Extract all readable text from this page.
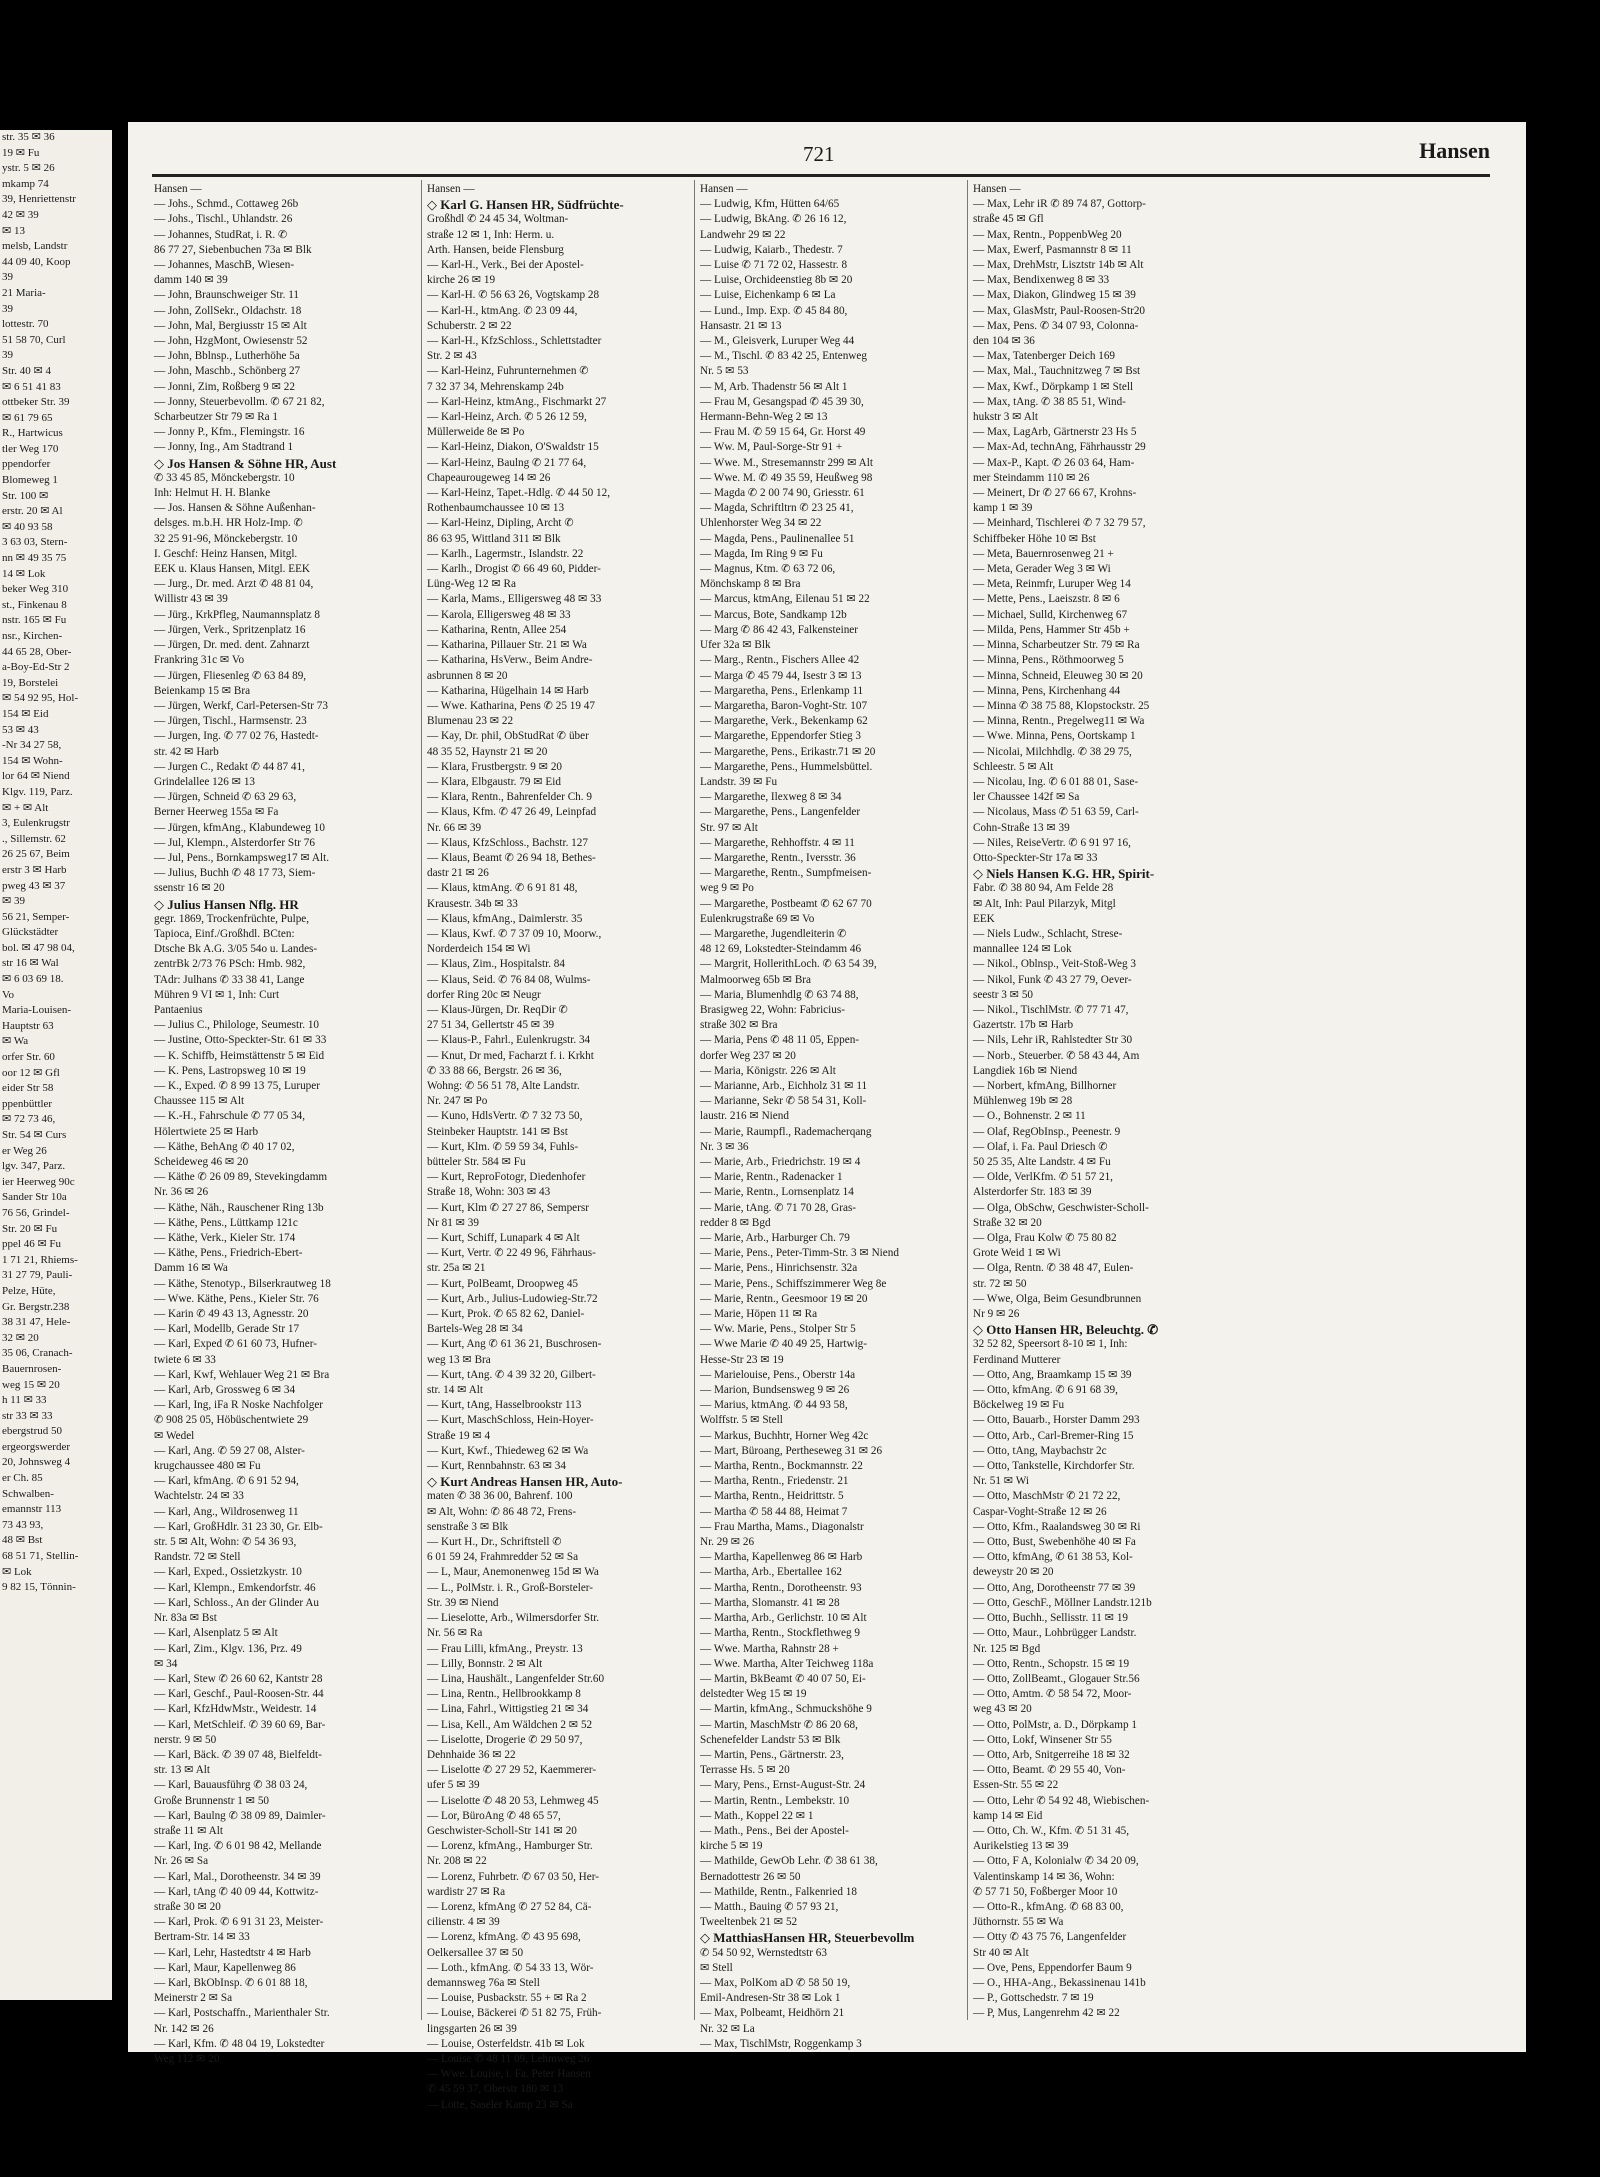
str. 35 ✉ 36
19 ✉ Fu
ystr. 5 ✉ 26
mkamp 74
39, Henriettenstr
42 ✉ 39
✉ 13
melsb, Landstr
44 09 40, Koop
39
21 Maria-
39
lottestr. 70
51 58 70, Curl
39
Str. 40 ✉ 4
✉ 6 51 41 83
ottbeker Str. 39
✉ 61 79 65
R., Hartwicus
tler Weg 170
ppendorfer
Blomeweg 1
Str. 100 ✉
erstr. 20 ✉ Al
✉ 40 93 58
3 63 03, Stern-
nn ✉ 49 35 75
14 ✉ Lok
beker Weg 310
st., Finkenau 8
nstr. 165 ✉ Fu
nsr., Kirchen-
44 65 28, Ober-
a-Boy-Ed-Str 2
19, Borstelei
✉ 54 92 95, Hol-
154 ✉ Eid
53 ✉ 43
-Nr 34 27 58,
154 ✉ Wohn-
lor 64 ✉ Niend
Klgv. 119, Parz.
✉ + ✉ Alt
3, Eulenkrugstr
., Sillemstr. 62
26 25 67, Beim
erstr 3 ✉ Harb
pweg 43 ✉ 37
✉ 39
56 21, Semper-
Glückstädter
bol. ✉ 47 98 04,
str 16 ✉ Wal
✉ 6 03 69 18.
Vo
Maria-Louisen-
Hauptstr 63
✉ Wa
orfer Str. 60
oor 12 ✉ Gfl
eider Str 58
ppenbüttler
✉ 72 73 46,
Str. 54 ✉ Curs
er Weg 26
lgv. 347, Parz.
ier Heerweg 90c
Sander Str 10a
76 56, Grindel-
Str. 20 ✉ Fu
ppel 46 ✉ Fu
1 71 21, Rhiems-
31 27 79, Pauli-
Pelze, Hüte,
Gr. Bergstr.238
38 31 47, Hele-
32 ✉ 20
35 06, Cranach-
Bauernrosen-
weg 15 ✉ 20
h 11 ✉ 33
str 33 ✉ 33
ebergstrud 50
ergeorgswerder
20, Johnsweg 4
er Ch. 85
Schwalben-
emannstr 113
73 43 93,
48 ✉ Bst
68 51 71, Stellin-
✉ Lok
9 82 15, Tönnin-
721	Hansen
Hansen —
— Johs., Schmd., Cottaweg 26b
— Johs., Tischl., Uhlandstr. 26
— Johannes, StudRat, i. R. ✆
86 77 27, Siebenbuchen 73a ✉ Blk
— Johannes, MaschB, Wiesen-
damm 140 ✉ 39
— John, Braunschweiger Str. 11
— John, ZollSekr., Oldachstr. 18
— John, Mal, Bergiusstr 15 ✉ Alt
— John, HzgMont, Owiesenstr 52
— John, Bblnsp., Lutherhöhe 5a
— John, Maschb., Schönberg 27
— Jonni, Zim, Roßberg 9 ✉ 22
— Jonny, Steuerbevollm. ✆ 67 21 82,
Scharbeutzer Str 79 ✉ Ra 1
— Jonny P., Kfm., Flemingstr. 16
— Jonny, Ing., Am Stadtrand 1
◇ Jos Hansen & Söhne HR, Aust
✆ 33 45 85, Mönckebergstr. 10
Inh: Helmut H. H. Blanke
— Jos. Hansen & Söhne Außenhan-
delsges. m.b.H. HR Holz-Imp. ✆
32 25 91-96, Mönckebergstr. 10
I. Geschf: Heinz Hansen, Mitgl.
EEK u. Klaus Hansen, Mitgl. EEK
— Jurg., Dr. med. Arzt ✆ 48 81 04,
Willistr 43 ✉ 39
— Jürg., KrkPfleg, Naumannsplatz 8
— Jürgen, Verk., Spritzenplatz 16
— Jürgen, Dr. med. dent. Zahnarzt
Frankring 31c ✉ Vo
— Jürgen, Fliesenleg ✆ 63 84 89,
Beienkamp 15 ✉ Bra
— Jürgen, Werkf, Carl-Petersen-Str 73
— Jürgen, Tischl., Harmsenstr. 23
— Jurgen, Ing. ✆ 77 02 76, Hastedt-
str. 42 ✉ Harb
— Jurgen C., Redakt ✆ 44 87 41,
Grindelallee 126 ✉ 13
— Jürgen, Schneid ✆ 63 29 63,
Berner Heerweg 155a ✉ Fa
— Jürgen, kfmAng., Klabundeweg 10
— Jul, Klempn., Alsterdorfer Str 76
— Jul, Pens., Bornkampsweg17 ✉ Alt.
— Julius, Buchh ✆ 48 17 73, Siem-
ssenstr 16 ✉ 20
◇ Julius Hansen Nflg. HR
gegr. 1869, Trockenfrüchte, Pulpe,
Tapioca, Einf./Großhdl. BCten:
Dtsche Bk A.G. 3/05 54o u. Landes-
zentrBk 2/73 76 PSch: Hmb. 982,
TAdr: Julhans ✆ 33 38 41, Lange
Mühren 9 VI ✉ 1, Inh: Curt
Pantaenius
— Julius C., Philologe, Seumestr. 10
— Justine, Otto-Speckter-Str. 61 ✉ 33
— K. Schiffb, Heimstättenstr 5 ✉ Eid
— K. Pens, Lastropsweg 10 ✉ 19
— K., Exped. ✆ 8 99 13 75, Luruper
Chaussee 115 ✉ Alt
— K.-H., Fahrschule ✆ 77 05 34,
Hölertwiete 25 ✉ Harb
— Käthe, BehAng ✆ 40 17 02,
Scheideweg 46 ✉ 20
— Käthe ✆ 26 09 89, Stevekingdamm
Nr. 36 ✉ 26
— Käthe, Näh., Rauschener Ring 13b
— Käthe, Pens., Lüttkamp 121c
— Käthe, Verk., Kieler Str. 174
— Käthe, Pens., Friedrich-Ebert-
Damm 16 ✉ Wa
— Käthe, Stenotyp., Bilserkrautweg 18
— Wwe. Käthe, Pens., Kieler Str. 76
— Karin ✆ 49 43 13, Agnesstr. 20
— Karl, Modellb, Gerade Str 17
— Karl, Exped ✆ 61 60 73, Hufner-
twiete 6 ✉ 33
— Karl, Kwf, Wehlauer Weg 21 ✉ Bra
— Karl, Arb, Grossweg 6 ✉ 34
— Karl, Ing, iFa R Noske Nachfolger
✆ 908 25 05, Höbüschentwiete 29
✉ Wedel
— Karl, Ang. ✆ 59 27 08, Alster-
krugchaussee 480 ✉ Fu
— Karl, kfmAng. ✆ 6 91 52 94,
Wachtelstr. 24 ✉ 33
— Karl, Ang., Wildrosenweg 11
— Karl, GroßHdlr. 31 23 30, Gr. Elb-
str. 5 ✉ Alt, Wohn: ✆ 54 36 93,
Randstr. 72 ✉ Stell
— Karl, Exped., Ossietzkystr. 10
— Karl, Klempn., Emkendorfstr. 46
— Karl, Schloss., An der Glinder Au
Nr. 83a ✉ Bst
— Karl, Alsenplatz 5 ✉ Alt
— Karl, Zim., Klgv. 136, Prz. 49
✉ 34
— Karl, Stew ✆ 26 60 62, Kantstr 28
— Karl, Geschf., Paul-Roosen-Str. 44
— Karl, KfzHdwMstr., Weidestr. 14
— Karl, MetSchleif. ✆ 39 60 69, Bar-
nerstr. 9 ✉ 50
— Karl, Bäck. ✆ 39 07 48, Bielfeldt-
str. 13 ✉ Alt
— Karl, Bauausführg ✆ 38 03 24,
Große Brunnenstr 1 ✉ 50
— Karl, Baulng ✆ 38 09 89, Daimler-
straße 11 ✉ Alt
— Karl, Ing. ✆ 6 01 98 42, Mellande
Nr. 26 ✉ Sa
— Karl, Mal., Dorotheenstr. 34 ✉ 39
— Karl, tAng ✆ 40 09 44, Kottwitz-
straße 30 ✉ 20
— Karl, Prok. ✆ 6 91 31 23, Meister-
Bertram-Str. 14 ✉ 33
— Karl, Lehr, Hastedtstr 4 ✉ Harb
— Karl, Maur, Kapellenweg 86
— Karl, BkObInsp. ✆ 6 01 88 18,
Meinerstr 2 ✉ Sa
— Karl, Postschaffn., Marienthaler Str.
Nr. 142 ✉ 26
— Karl, Kfm. ✆ 48 04 19, Lokstedter
Weg 112 ✉ 20
Hansen —
◇ Karl G. Hansen HR, Südfrüchte-
Großhdl ✆ 24 45 34, Woltman-
straße 12 ✉ 1, Inh: Herm. u.
Arth. Hansen, beide Flensburg
— Karl-H., Verk., Bei der Apostel-
kirche 26 ✉ 19
— Karl-H. ✆ 56 63 26, Vogtskamp 28
— Karl-H., ktmAng. ✆ 23 09 44,
Schuberstr. 2 ✉ 22
— Karl-H., KfzSchloss., Schlettstadter
Str. 2 ✉ 43
— Karl-Heinz, Fuhrunternehmen ✆
7 32 37 34, Mehrenskamp 24b
— Karl-Heinz, ktmAng., Fischmarkt 27
— Karl-Heinz, Arch. ✆ 5 26 12 59,
Müllerweide 8e ✉ Po
— Karl-Heinz, Diakon, O'Swaldstr 15
— Karl-Heinz, Baulng ✆ 21 77 64,
Chapeaurougeweg 14 ✉ 26
— Karl-Heinz, Tapet.-Hdlg. ✆ 44 50 12,
Rothenbaumchaussee 10 ✉ 13
— Karl-Heinz, Dipling, Archt ✆
86 63 95, Wittland 311 ✉ Blk
— Karlh., Lagermstr., Islandstr. 22
— Karlh., Drogist ✆ 66 49 60, Pidder-
Lüng-Weg 12 ✉ Ra
— Karla, Mams., Elligersweg 48 ✉ 33
— Karola, Elligersweg 48 ✉ 33
— Katharina, Rentn, Allee 254
— Katharina, Pillauer Str. 21 ✉ Wa
— Katharina, HsVerw., Beim Andre-
asbrunnen 8 ✉ 20
— Katharina, Hügelhain 14 ✉ Harb
— Wwe. Katharina, Pens ✆ 25 19 47
Blumenau 23 ✉ 22
— Kay, Dr. phil, ObStudRat ✆ über
48 35 52, Haynstr 21 ✉ 20
— Klara, Frustbergstr. 9 ✉ 20
— Klara, Elbgaustr. 79 ✉ Eid
— Klara, Rentn., Bahrenfelder Ch. 9
— Klaus, Kfm. ✆ 47 26 49, Leinpfad
Nr. 66 ✉ 39
— Klaus, KfzSchloss., Bachstr. 127
— Klaus, Beamt ✆ 26 94 18, Bethes-
dastr 21 ✉ 26
— Klaus, ktmAng. ✆ 6 91 81 48,
Krausestr. 34b ✉ 33
— Klaus, kfmAng., Daimlerstr. 35
— Klaus, Kwf. ✆ 7 37 09 10, Moorw.,
Norderdeich 154 ✉ Wi
— Klaus, Zim., Hospitalstr. 84
— Klaus, Seid. ✆ 76 84 08, Wulms-
dorfer Ring 20c ✉ Neugr
— Klaus-Jürgen, Dr. ReqDir ✆
27 51 34, Gellertstr 45 ✉ 39
— Klaus-P., Fahrl., Eulenkrugstr. 34
— Knut, Dr med, Facharzt f. i. Krkht
✆ 33 88 66, Bergstr. 26 ✉ 36,
Wohng: ✆ 56 51 78, Alte Landstr.
Nr. 247 ✉ Po
— Kuno, HdlsVertr. ✆ 7 32 73 50,
Steinbeker Hauptstr. 141 ✉ Bst
— Kurt, Klm. ✆ 59 59 34, Fuhls-
bütteler Str. 584 ✉ Fu
— Kurt, ReproFotogr, Diedenhofer
Straße 18, Wohn: 303 ✉ 43
— Kurt, Klm ✆ 27 27 86, Sempersr
Nr 81 ✉ 39
— Kurt, Schiff, Lunapark 4 ✉ Alt
— Kurt, Vertr. ✆ 22 49 96, Fährhaus-
str. 25a ✉ 21
— Kurt, PolBeamt, Droopweg 45
— Kurt, Arb., Julius-Ludowieg-Str.72
— Kurt, Prok. ✆ 65 82 62, Daniel-
Bartels-Weg 28 ✉ 34
— Kurt, Ang ✆ 61 36 21, Buschrosen-
weg 13 ✉ Bra
— Kurt, tAng. ✆ 4 39 32 20, Gilbert-
str. 14 ✉ Alt
— Kurt, tAng, Hasselbrookstr 113
— Kurt, MaschSchloss, Hein-Hoyer-
Straße 19 ✉ 4
— Kurt, Kwf., Thiedeweg 62 ✉ Wa
— Kurt, Rennbahnstr. 63 ✉ 34
◇ Kurt Andreas Hansen HR, Auto-
maten ✆ 38 36 00, Bahrenf. 100
✉ Alt, Wohn: ✆ 86 48 72, Frens-
senstraße 3 ✉ Blk
— Kurt H., Dr., Schriftstell ✆
6 01 59 24, Frahmredder 52 ✉ Sa
— L, Maur, Anemonenweg 15d ✉ Wa
— L., PolMstr. i. R., Groß-Borsteler-
Str. 39 ✉ Niend
— Lieselotte, Arb., Wilmersdorfer Str.
Nr. 56 ✉ Ra
— Frau Lilli, kfmAng., Preystr. 13
— Lilly, Bonnstr. 2 ✉ Alt
— Lina, Haushält., Langenfelder Str.60
— Lina, Rentn., Hellbrookkamp 8
— Lina, Fahrl., Wittigstieg 21 ✉ 34
— Lisa, Kell., Am Wäldchen 2 ✉ 52
— Liselotte, Drogerie ✆ 29 50 97,
Dehnhaide 36 ✉ 22
— Liselotte ✆ 27 29 52, Kaemmerer-
ufer 5 ✉ 39
— Liselotte ✆ 48 20 53, Lehmweg 45
— Lor, BüroAng ✆ 48 65 57,
Geschwister-Scholl-Str 141 ✉ 20
— Lorenz, kfmAng., Hamburger Str.
Nr. 208 ✉ 22
— Lorenz, Fuhrbetr. ✆ 67 03 50, Her-
wardistr 27 ✉ Ra
— Lorenz, kfmAng ✆ 27 52 84, Cä-
cilienstr. 4 ✉ 39
— Lorenz, kfmAng. ✆ 43 95 698,
Oelkersallee 37 ✉ 50
— Loth., kfmAng. ✆ 54 33 13, Wör-
demannsweg 76a ✉ Stell
— Louise, Pusbackstr. 55 + ✉ Ra 2
— Louise, Bäckerei ✆ 51 82 75, Früh-
lingsgarten 26 ✉ 39
— Louise, Osterfeldstr. 41b ✉ Lok
— Louise ✆ 48 11 09, Lehmweg 26
— Wwe. Louise, i. Fa. Peter Hansen
✆ 45 59 37, Oberstr 180 ✉ 13
— Lotte, Saseler Kamp 23 ✉ Sa
Hansen —
— Ludwig, Kfm, Hütten 64/65
— Ludwig, BkAng. ✆ 26 16 12,
Landwehr 29 ✉ 22
— Ludwig, Kaiarb., Thedestr. 7
— Luise ✆ 71 72 02, Hassestr. 8
— Luise, Orchideenstieg 8b ✉ 20
— Luise, Eichenkamp 6 ✉ La
— Lund., Imp. Exp. ✆ 45 84 80,
Hansastr. 21 ✉ 13
— M., Gleisverk, Luruper Weg 44
— M., Tischl. ✆ 83 42 25, Entenweg
Nr. 5 ✉ 53
— M, Arb. Thadenstr 56 ✉ Alt 1
— Frau M, Gesangspad ✆ 45 39 30,
Hermann-Behn-Weg 2 ✉ 13
— Frau M. ✆ 59 15 64, Gr. Horst 49
— Ww. M, Paul-Sorge-Str 91 +
— Wwe. M., Stresemannstr 299 ✉ Alt
— Wwe. M. ✆ 49 35 59, Heußweg 98
— Magda ✆ 2 00 74 90, Griesstr. 61
— Magda, Schriftltrn ✆ 23 25 41,
Uhlenhorster Weg 34 ✉ 22
— Magda, Pens., Paulinenallee 51
— Magda, Im Ring 9 ✉ Fu
— Magnus, Ktm. ✆ 63 72 06,
Mönchskamp 8 ✉ Bra
— Marcus, ktmAng, Eilenau 51 ✉ 22
— Marcus, Bote, Sandkamp 12b
— Marg ✆ 86 42 43, Falkensteiner
Ufer 32a ✉ Blk
— Marg., Rentn., Fischers Allee 42
— Marga ✆ 45 79 44, Isestr 3 ✉ 13
— Margaretha, Pens., Erlenkamp 11
— Margaretha, Baron-Voght-Str. 107
— Margarethe, Verk., Bekenkamp 62
— Margarethe, Eppendorfer Stieg 3
— Margarethe, Pens., Erikastr.71 ✉ 20
— Margarethe, Pens., Hummelsbüttel.
Landstr. 39 ✉ Fu
— Margarethe, Ilexweg 8 ✉ 34
— Margarethe, Pens., Langenfelder
Str. 97 ✉ Alt
— Margarethe, Rehhoffstr. 4 ✉ 11
— Margarethe, Rentn., Iversstr. 36
— Margarethe, Rentn., Sumpfmeisen-
weg 9 ✉ Po
— Margarethe, Postbeamt ✆ 62 67 70
Eulenkrugstraße 69 ✉ Vo
— Margarethe, Jugendleiterin ✆
48 12 69, Lokstedter-Steindamm 46
— Margrit, HollerithLoch. ✆ 63 54 39,
Malmoorweg 65b ✉ Bra
— Maria, Blumenhdlg ✆ 63 74 88,
Brasigweg 22, Wohn: Fabricius-
straße 302 ✉ Bra
— Maria, Pens ✆ 48 11 05, Eppen-
dorfer Weg 237 ✉ 20
— Maria, Königstr. 226 ✉ Alt
— Marianne, Arb., Eichholz 31 ✉ 11
— Marianne, Sekr ✆ 58 54 31, Koll-
laustr. 216 ✉ Niend
— Marie, Raumpfl., Rademacherqang
Nr. 3 ✉ 36
— Marie, Arb., Friedrichstr. 19 ✉ 4
— Marie, Rentn., Radenacker 1
— Marie, Rentn., Lornsenplatz 14
— Marie, tAng. ✆ 71 70 28, Gras-
redder 8 ✉ Bgd
— Marie, Arb., Harburger Ch. 79
— Marie, Pens., Peter-Timm-Str. 3 ✉ Niend
— Marie, Pens., Hinrichsenstr. 32a
— Marie, Pens., Schiffszimmerer Weg 8e
— Marie, Rentn., Geesmoor 19 ✉ 20
— Marie, Höpen 11 ✉ Ra
— Ww. Marie, Pens., Stolper Str 5
— Wwe Marie ✆ 40 49 25, Hartwig-
Hesse-Str 23 ✉ 19
— Marielouise, Pens., Oberstr 14a
— Marion, Bundsensweg 9 ✉ 26
— Marius, ktmAng. ✆ 44 93 58,
Wolffstr. 5 ✉ Stell
— Markus, Buchhtr, Horner Weg 42c
— Mart, Büroang, Pertheseweg 31 ✉ 26
— Martha, Rentn., Bockmannstr. 22
— Martha, Rentn., Friedenstr. 21
— Martha, Rentn., Heidrittstr. 5
— Martha ✆ 58 44 88, Heimat 7
— Frau Martha, Mams., Diagonalstr
Nr. 29 ✉ 26
— Martha, Kapellenweg 86 ✉ Harb
— Martha, Arb., Ebertallee 162
— Martha, Rentn., Dorotheenstr. 93
— Martha, Slomanstr. 41 ✉ 28
— Martha, Arb., Gerlichstr. 10 ✉ Alt
— Martha, Rentn., Stockflethweg 9
— Wwe. Martha, Rahnstr 28 +
— Wwe. Martha, Alter Teichweg 118a
— Martin, BkBeamt ✆ 40 07 50, Ei-
delstedter Weg 15 ✉ 19
— Martin, kfmAng., Schmuckshöhe 9
— Martin, MaschMstr ✆ 86 20 68,
Schenefelder Landstr 53 ✉ Blk
— Martin, Pens., Gärtnerstr. 23,
Terrasse Hs. 5 ✉ 20
— Mary, Pens., Ernst-August-Str. 24
— Martin, Rentn., Lembekstr. 10
— Math., Koppel 22 ✉ 1
— Math., Pens., Bei der Apostel-
kirche 5 ✉ 19
— Mathilde, GewOb Lehr. ✆ 38 61 38,
Bernadottestr 26 ✉ 50
— Mathilde, Rentn., Falkenried 18
— Matth., Bauing ✆ 57 93 21,
Tweeltenbek 21 ✉ 52
◇ MatthiasHansen HR, Steuerbevollm
✆ 54 50 92, Wernstedtstr 63
✉ Stell
— Max, PolKom aD ✆ 58 50 19,
Emil-Andresen-Str 38 ✉ Lok 1
— Max, Polbeamt, Heidhörn 21
Nr. 32 ✉ La
— Max, TischlMstr, Roggenkamp 3
Hansen —
— Max, Lehr iR ✆ 89 74 87, Gottorp-
straße 45 ✉ Gfl
— Max, Rentn., PoppenbWeg 20
— Max, Ewerf, Pasmannstr 8 ✉ 11
— Max, DrehMstr, Lisztstr 14b ✉ Alt
— Max, Bendixenweg 8 ✉ 33
— Max, Diakon, Glindweg 15 ✉ 39
— Max, GlasMstr, Paul-Roosen-Str20
— Max, Pens. ✆ 34 07 93, Colonna-
den 104 ✉ 36
— Max, Tatenberger Deich 169
— Max, Mal., Tauchnitzweg 7 ✉ Bst
— Max, Kwf., Dörpkamp 1 ✉ Stell
— Max, tAng. ✆ 38 85 51, Wind-
hukstr 3 ✉ Alt
— Max, LagArb, Gärtnerstr 23 Hs 5
— Max-Ad, technAng, Fährhausstr 29
— Max-P., Kapt. ✆ 26 03 64, Ham-
mer Steindamm 110 ✉ 26
— Meinert, Dr ✆ 27 66 67, Krohns-
kamp 1 ✉ 39
— Meinhard, Tischlerei ✆ 7 32 79 57,
Schiffbeker Höhe 10 ✉ Bst
— Meta, Bauernrosenweg 21 +
— Meta, Gerader Weg 3 ✉ Wi
— Meta, Reinmfr, Luruper Weg 14
— Mette, Pens., Laeiszstr. 8 ✉ 6
— Michael, Sulld, Kirchenweg 67
— Milda, Pens, Hammer Str 45b +
— Minna, Scharbeutzer Str. 79 ✉ Ra
— Minna, Pens., Röthmoorweg 5
— Minna, Schneid, Eleuweg 30 ✉ 20
— Minna, Pens, Kirchenhang 44
— Minna ✆ 38 75 88, Klopstockstr. 25
— Minna, Rentn., Pregelweg11 ✉ Wa
— Wwe. Minna, Pens, Oortskamp 1
— Nicolai, Milchhdlg. ✆ 38 29 75,
Schleestr. 5 ✉ Alt
— Nicolau, Ing. ✆ 6 01 88 01, Sase-
ler Chaussee 142f ✉ Sa
— Nicolaus, Mass ✆ 51 63 59, Carl-
Cohn-Straße 13 ✉ 39
— Niles, ReiseVertr. ✆ 6 91 97 16,
Otto-Speckter-Str 17a ✉ 33
◇ Niels Hansen K.G. HR, Spirit-
Fabr. ✆ 38 80 94, Am Felde 28
✉ Alt, Inh: Paul Pilarzyk, Mitgl
EEK
— Niels Ludw., Schlacht, Strese-
mannallee 124 ✉ Lok
— Nikol., Oblnsp., Veit-Stoß-Weg 3
— Nikol, Funk ✆ 43 27 79, Oever-
seestr 3 ✉ 50
— Nikol., TischlMstr. ✆ 77 71 47,
Gazertstr. 17b ✉ Harb
— Nils, Lehr iR, Rahlstedter Str 30
— Norb., Steuerber. ✆ 58 43 44, Am
Langdiek 16b ✉ Niend
— Norbert, kfmAng, Billhorner
Mühlenweg 19b ✉ 28
— O., Bohnenstr. 2 ✉ 11
— Olaf, RegObInsp., Peenestr. 9
— Olaf, i. Fa. Paul Driesch ✆
50 25 35, Alte Landstr. 4 ✉ Fu
— Olde, VerlKfm. ✆ 51 57 21,
Alsterdorfer Str. 183 ✉ 39
— Olga, ObSchw, Geschwister-Scholl-
Straße 32 ✉ 20
— Olga, Frau Kolw ✆ 75 80 82
Grote Weid 1 ✉ Wi
— Olga, Rentn. ✆ 38 48 47, Eulen-
str. 72 ✉ 50
— Wwe, Olga, Beim Gesundbrunnen
Nr 9 ✉ 26
◇ Otto Hansen HR, Beleuchtg. ✆
32 52 82, Speersort 8-10 ✉ 1, Inh:
Ferdinand Mutterer
— Otto, Ang, Braamkamp 15 ✉ 39
— Otto, kfmAng. ✆ 6 91 68 39,
Böckelweg 19 ✉ Fu
— Otto, Bauarb., Horster Damm 293
— Otto, Arb., Carl-Bremer-Ring 15
— Otto, tAng, Maybachstr 2c
— Otto, Tankstelle, Kirchdorfer Str.
Nr. 51 ✉ Wi
— Otto, MaschMstr ✆ 21 72 22,
Caspar-Voght-Straße 12 ✉ 26
— Otto, Kfm., Raalandsweg 30 ✉ Ri
— Otto, Bust, Swebenhöhe 40 ✉ Fa
— Otto, kfmAng, ✆ 61 38 53, Kol-
deweystr 20 ✉ 20
— Otto, Ang, Dorotheenstr 77 ✉ 39
— Otto, GeschF., Möllner Landstr.121b
— Otto, Buchh., Sellisstr. 11 ✉ 19
— Otto, Maur., Lohbrügger Landstr.
Nr. 125 ✉ Bgd
— Otto, Rentn., Schopstr. 15 ✉ 19
— Otto, ZollBeamt., Glogauer Str.56
— Otto, Amtm. ✆ 58 54 72, Moor-
weg 43 ✉ 20
— Otto, PolMstr, a. D., Dörpkamp 1
— Otto, Lokf, Winsener Str 55
— Otto, Arb, Snitgerreihe 18 ✉ 32
— Otto, Beamt. ✆ 29 55 40, Von-
Essen-Str. 55 ✉ 22
— Otto, Lehr ✆ 54 92 48, Wiebischen-
kamp 14 ✉ Eid
— Otto, Ch. W., Kfm. ✆ 51 31 45,
Aurikelstieg 13 ✉ 39
— Otto, F A, Kolonialw ✆ 34 20 09,
Valentinskamp 14 ✉ 36, Wohn:
✆ 57 71 50, Foßberger Moor 10
— Otto-R., kfmAng. ✆ 68 83 00,
Jüthornstr. 55 ✉ Wa
— Otty ✆ 43 75 76, Langenfelder
Str 40 ✉ Alt
— Ove, Pens, Eppendorfer Baum 9
— O., HHA-Ang., Bekassinenau 141b
— P., Gottschedstr. 7 ✉ 19
— P, Mus, Langenrehm 42 ✉ 22
